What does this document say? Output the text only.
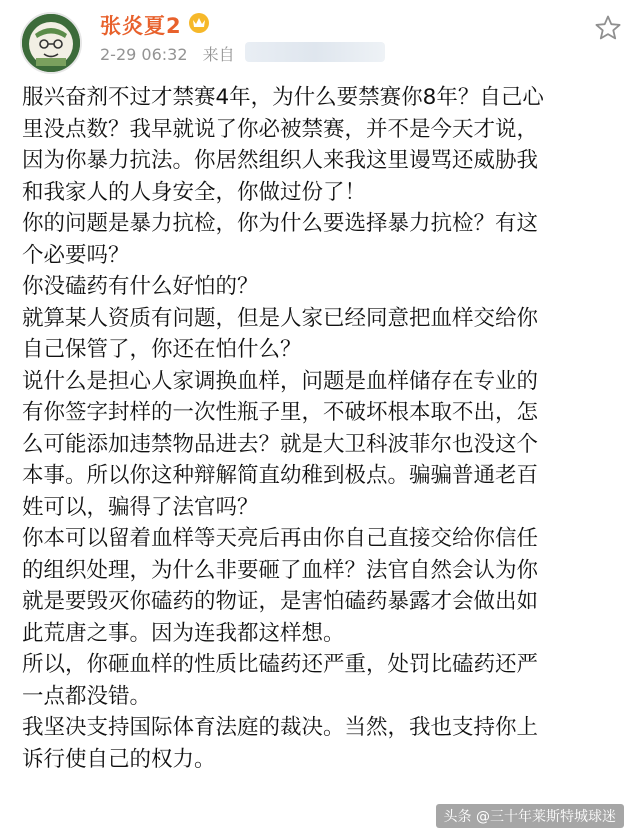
张炎夏2
2-29 06:32 来自

服兴奋剂不过才禁赛4年，为什么要禁赛你8年？自己心

里没点数？我早就说了你必被禁赛，并不是今天才说，

因为你暴力抗法。你居然组织人来我这里谩骂还威胁我

和我家人的人身安全，你做过份了！

你的问题是暴力抗检，你为什么要选择暴力抗检？有这

个必要吗？

你没磕药有什么好怕的？

就算某人资质有问题，但是人家已经同意把血样交给你

自己保管了，你还在怕什么？

说什么是担心人家调换血样，问题是血样储存在专业的

有你签字封样的一次性瓶子里，不破坏根本取不出，怎

么可能添加违禁物品进去？就是大卫科波菲尔也没这个

本事。所以你这种辩解简直幼稚到极点。骗骗普通老百

姓可以，骗得了法官吗？

你本可以留着血样等天亮后再由你自己直接交给你信任

的组织处理，为什么非要砸了血样？法官自然会认为你

就是要毁灭你磕药的物证，是害怕磕药暴露才会做出如

此荒唐之事。因为连我都这样想。

所以，你砸血样的性质比磕药还严重，处罚比磕药还严

一点都没错。

我坚决支持国际体育法庭的裁决。当然，我也支持你上

诉行使自己的权力。

头条 @三十年莱斯特城球迷
